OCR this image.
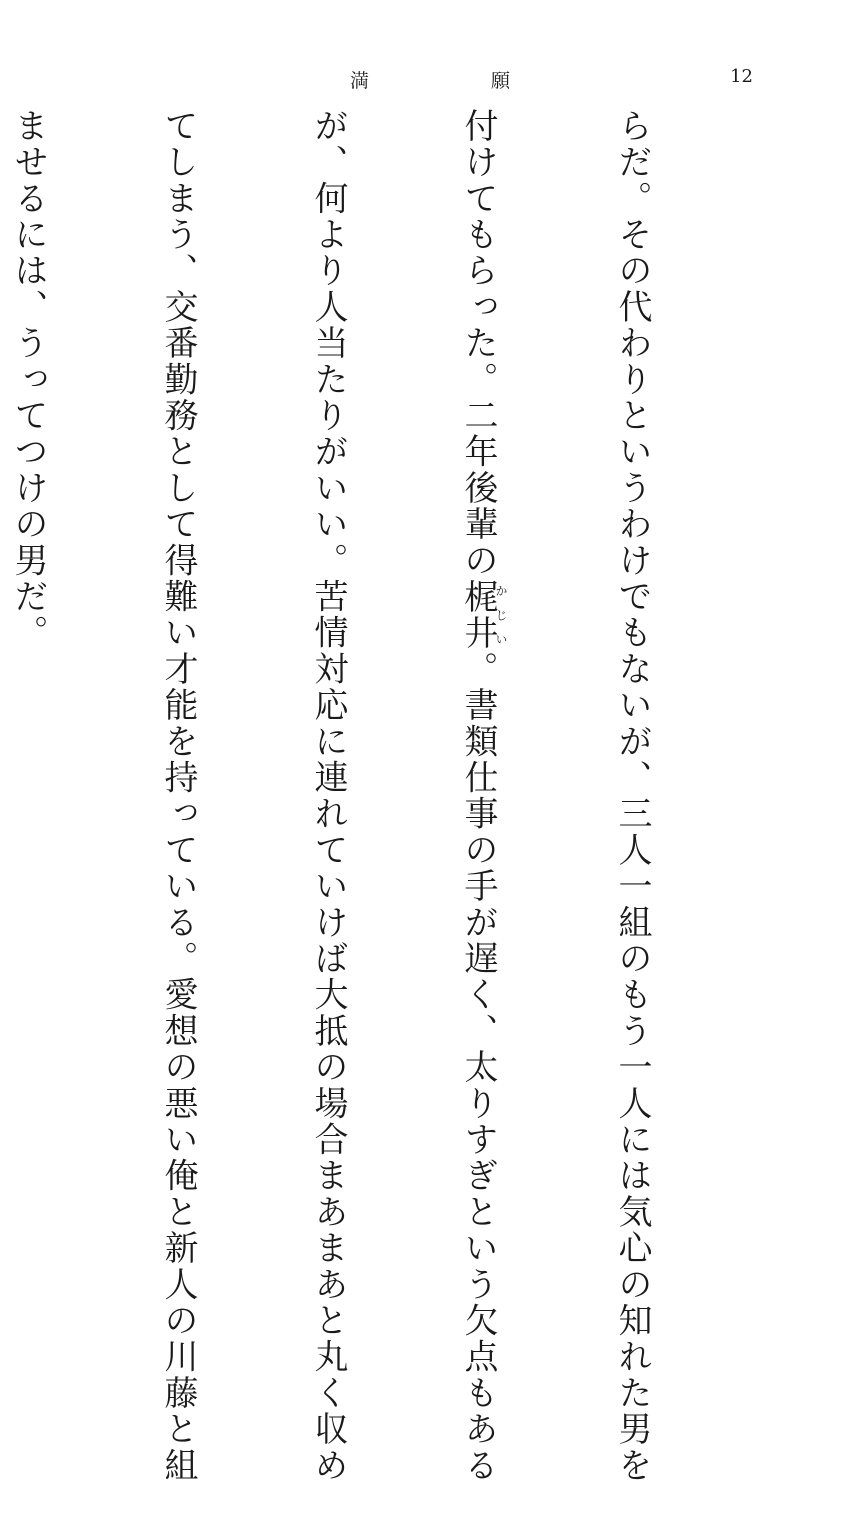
満	願	12

らだ。その代わりというわけでもないが、三人一組のもう一人には気心の知れた男を

付けてもらった。二年後輩の梶井かじい。書類仕事の手が遅く、太りすぎという欠点もある

が、何より人当たりがいい。苦情対応に連れていけば大抵の場合まあまあと丸く収め

てしまう、交番勤務として得難い才能を持っている。愛想の悪い俺と新人の川藤と組

ませるには、うってつけの男だ。
